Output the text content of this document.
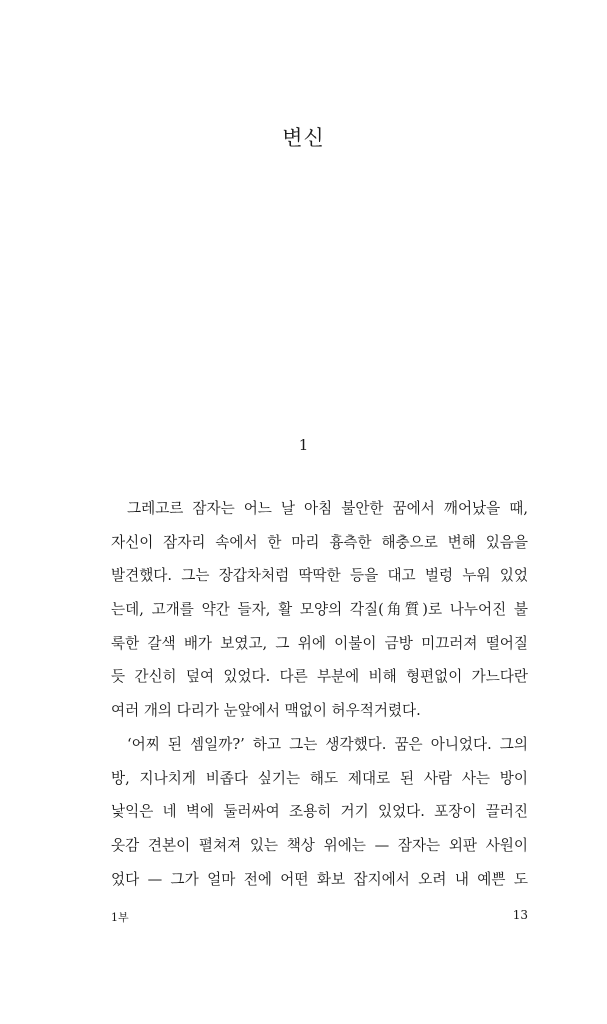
변신
1
그레고르 잠자는 어느 날 아침 불안한 꿈에서 깨어났을 때,
자신이 잠자리 속에서 한 마리 흉측한 해충으로 변해 있음을
발견했다. 그는 장갑차처럼 딱딱한 등을 대고 벌렁 누워 있었
는데, 고개를 약간 들자, 활 모양의 각질(角質)로 나누어진 불
룩한 갈색 배가 보였고, 그 위에 이불이 금방 미끄러져 떨어질
듯 간신히 덮여 있었다. 다른 부분에 비해 형편없이 가느다란
여러 개의 다리가 눈앞에서 맥없이 허우적거렸다.
‘어찌 된 셈일까?’ 하고 그는 생각했다. 꿈은 아니었다. 그의
방, 지나치게 비좁다 싶기는 해도 제대로 된 사람 사는 방이
낯익은 네 벽에 둘러싸여 조용히 거기 있었다. 포장이 끌러진
옷감 견본이 펼쳐져 있는 책상 위에는 — 잠자는 외판 사원이
었다 — 그가 얼마 전에 어떤 화보 잡지에서 오려 내 예쁜 도
1부	13
